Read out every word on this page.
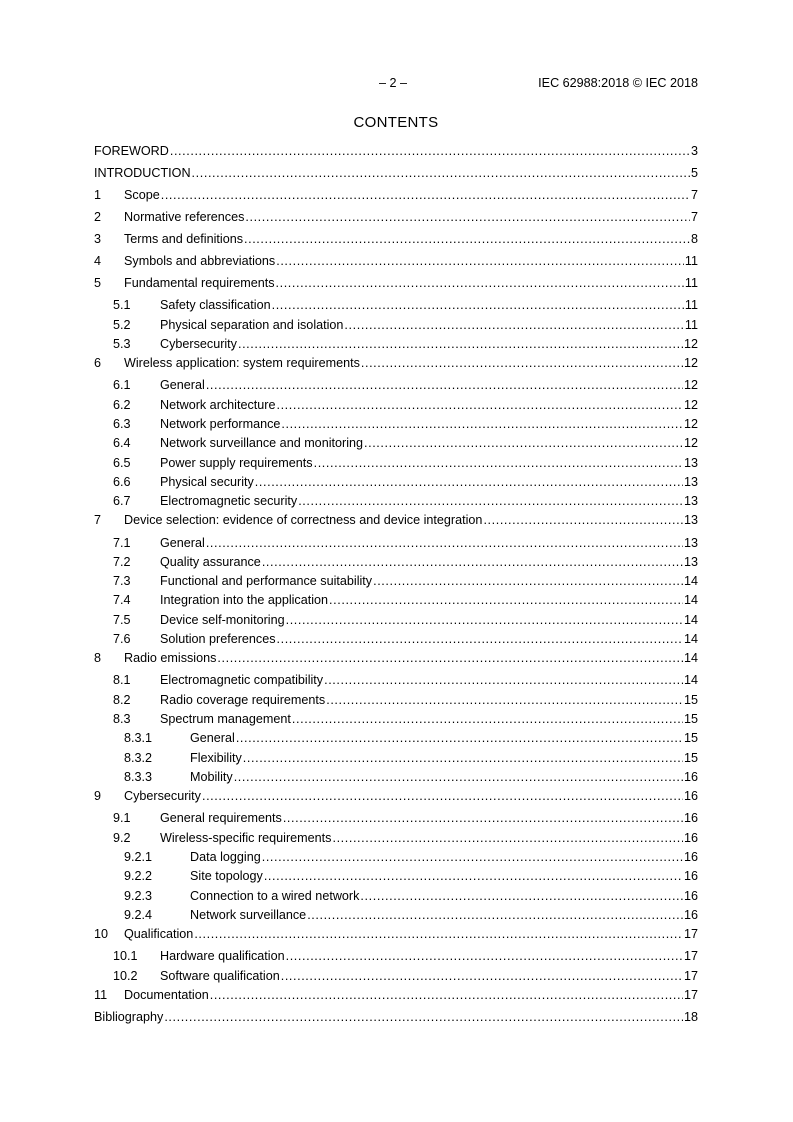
– 2 –	IEC 62988:2018 © IEC 2018
CONTENTS
FOREWORD .....	3
INTRODUCTION .....	5
1	Scope .....	7
2	Normative references .....	7
3	Terms and definitions .....	8
4	Symbols and abbreviations .....	11
5	Fundamental requirements .....	11
5.1	Safety classification .....	11
5.2	Physical separation and isolation .....	11
5.3	Cybersecurity .....	12
6	Wireless application: system requirements .....	12
6.1	General .....	12
6.2	Network architecture .....	12
6.3	Network performance .....	12
6.4	Network surveillance and monitoring .....	12
6.5	Power supply requirements .....	13
6.6	Physical security .....	13
6.7	Electromagnetic security .....	13
7	Device selection: evidence of correctness and device integration .....	13
7.1	General .....	13
7.2	Quality assurance .....	13
7.3	Functional and performance suitability .....	14
7.4	Integration into the application .....	14
7.5	Device self-monitoring .....	14
7.6	Solution preferences .....	14
8	Radio emissions .....	14
8.1	Electromagnetic compatibility .....	14
8.2	Radio coverage requirements .....	15
8.3	Spectrum management .....	15
8.3.1	General .....	15
8.3.2	Flexibility .....	15
8.3.3	Mobility .....	16
9	Cybersecurity .....	16
9.1	General requirements .....	16
9.2	Wireless-specific requirements .....	16
9.2.1	Data logging .....	16
9.2.2	Site topology .....	16
9.2.3	Connection to a wired network .....	16
9.2.4	Network surveillance .....	16
10	Qualification .....	17
10.1	Hardware qualification .....	17
10.2	Software qualification .....	17
11	Documentation .....	17
Bibliography .....	18
